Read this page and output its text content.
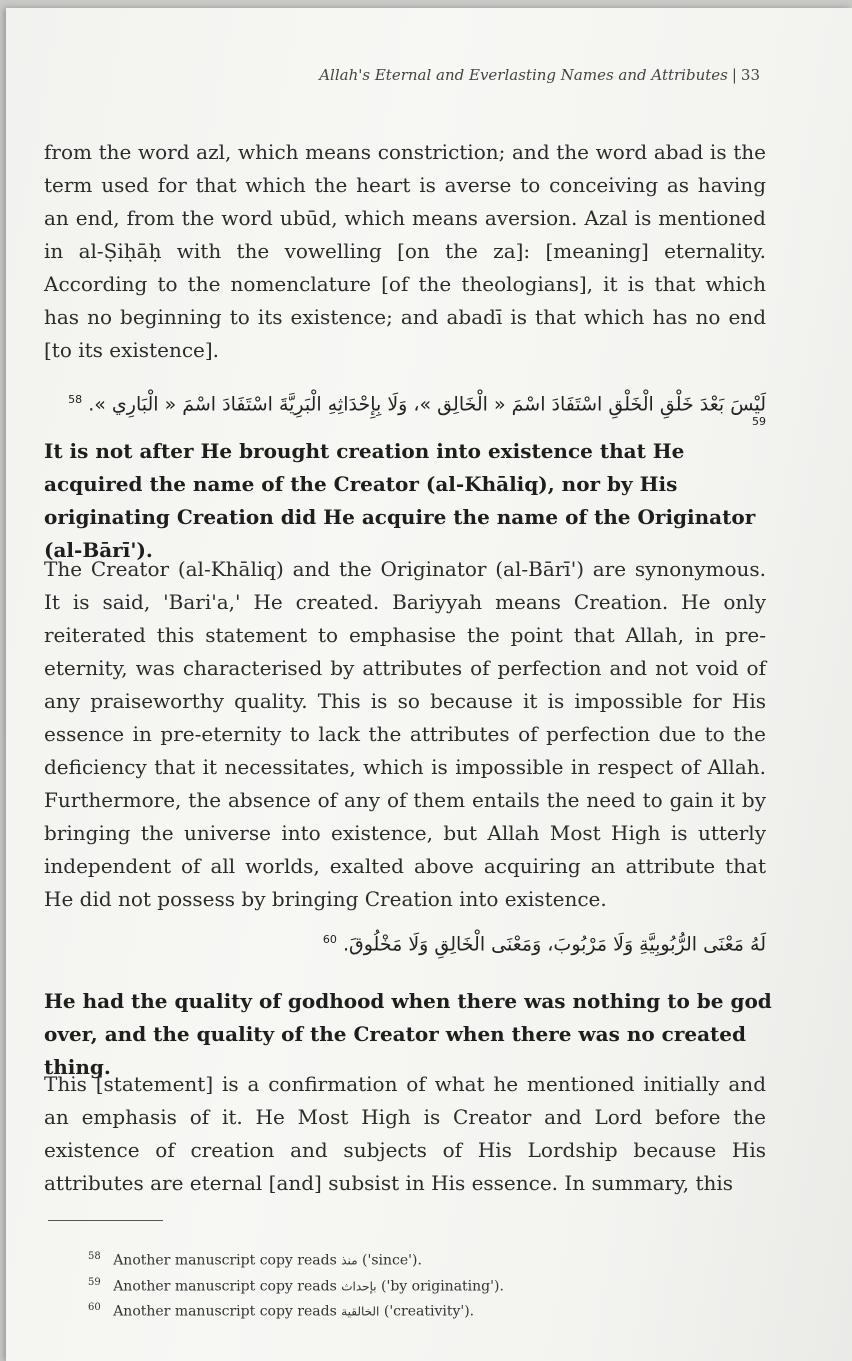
Allah's Eternal and Everlasting Names and Attributes | 33
from the word azl, which means constriction; and the word abad is the term used for that which the heart is averse to conceiving as having an end, from the word ubūd, which means aversion. Azal is mentioned in al-Ṣiḥāḥ with the vowelling [on the za]: [meaning] eternality. According to the nomenclature [of the theologians], it is that which has no beginning to its existence; and abadī is that which has no end [to its existence].
لَيْسَ بَعْدَ خَلْقِ الْخَلْقِ اسْتَفَادَ اسْمَ « الْخَالِق »، وَلَا بِإِحْدَاثِهِ الْبَرِيَّةَ اسْتَفَادَ اسْمَ « الْبَارِي ». $^{58}$ $^{59}$
It is not after He brought creation into existence that He acquired the name of the Creator (al-Khāliq), nor by His originating Creation did He acquire the name of the Originator (al-Bārī').
The Creator (al-Khāliq) and the Originator (al-Bārī') are synonymous. It is said, 'Bari'a,' He created. Bariyyah means Creation. He only reiterated this statement to emphasise the point that Allah, in pre-eternity, was characterised by attributes of perfection and not void of any praiseworthy quality. This is so because it is impossible for His essence in pre-eternity to lack the attributes of perfection due to the deficiency that it necessitates, which is impossible in respect of Allah. Furthermore, the absence of any of them entails the need to gain it by bringing the universe into existence, but Allah Most High is utterly independent of all worlds, exalted above acquiring an attribute that He did not possess by bringing Creation into existence.
لَهُ مَعْنَى الرُّبُوبِيَّةِ وَلَا مَرْبُوبَ، وَمَعْنَى الْخَالِقِ وَلَا مَخْلُوقَ. $^{60}$
He had the quality of godhood when there was nothing to be god over, and the quality of the Creator when there was no created thing.
This [statement] is a confirmation of what he mentioned initially and an emphasis of it. He Most High is Creator and Lord before the existence of creation and subjects of His Lordship because His attributes are eternal [and] subsist in His essence. In summary, this
$^{58}$ Another manuscript copy reads منذ ('since').
$^{59}$ Another manuscript copy reads بإحداث ('by originating').
$^{60}$ Another manuscript copy reads الخالقية ('creativity').
